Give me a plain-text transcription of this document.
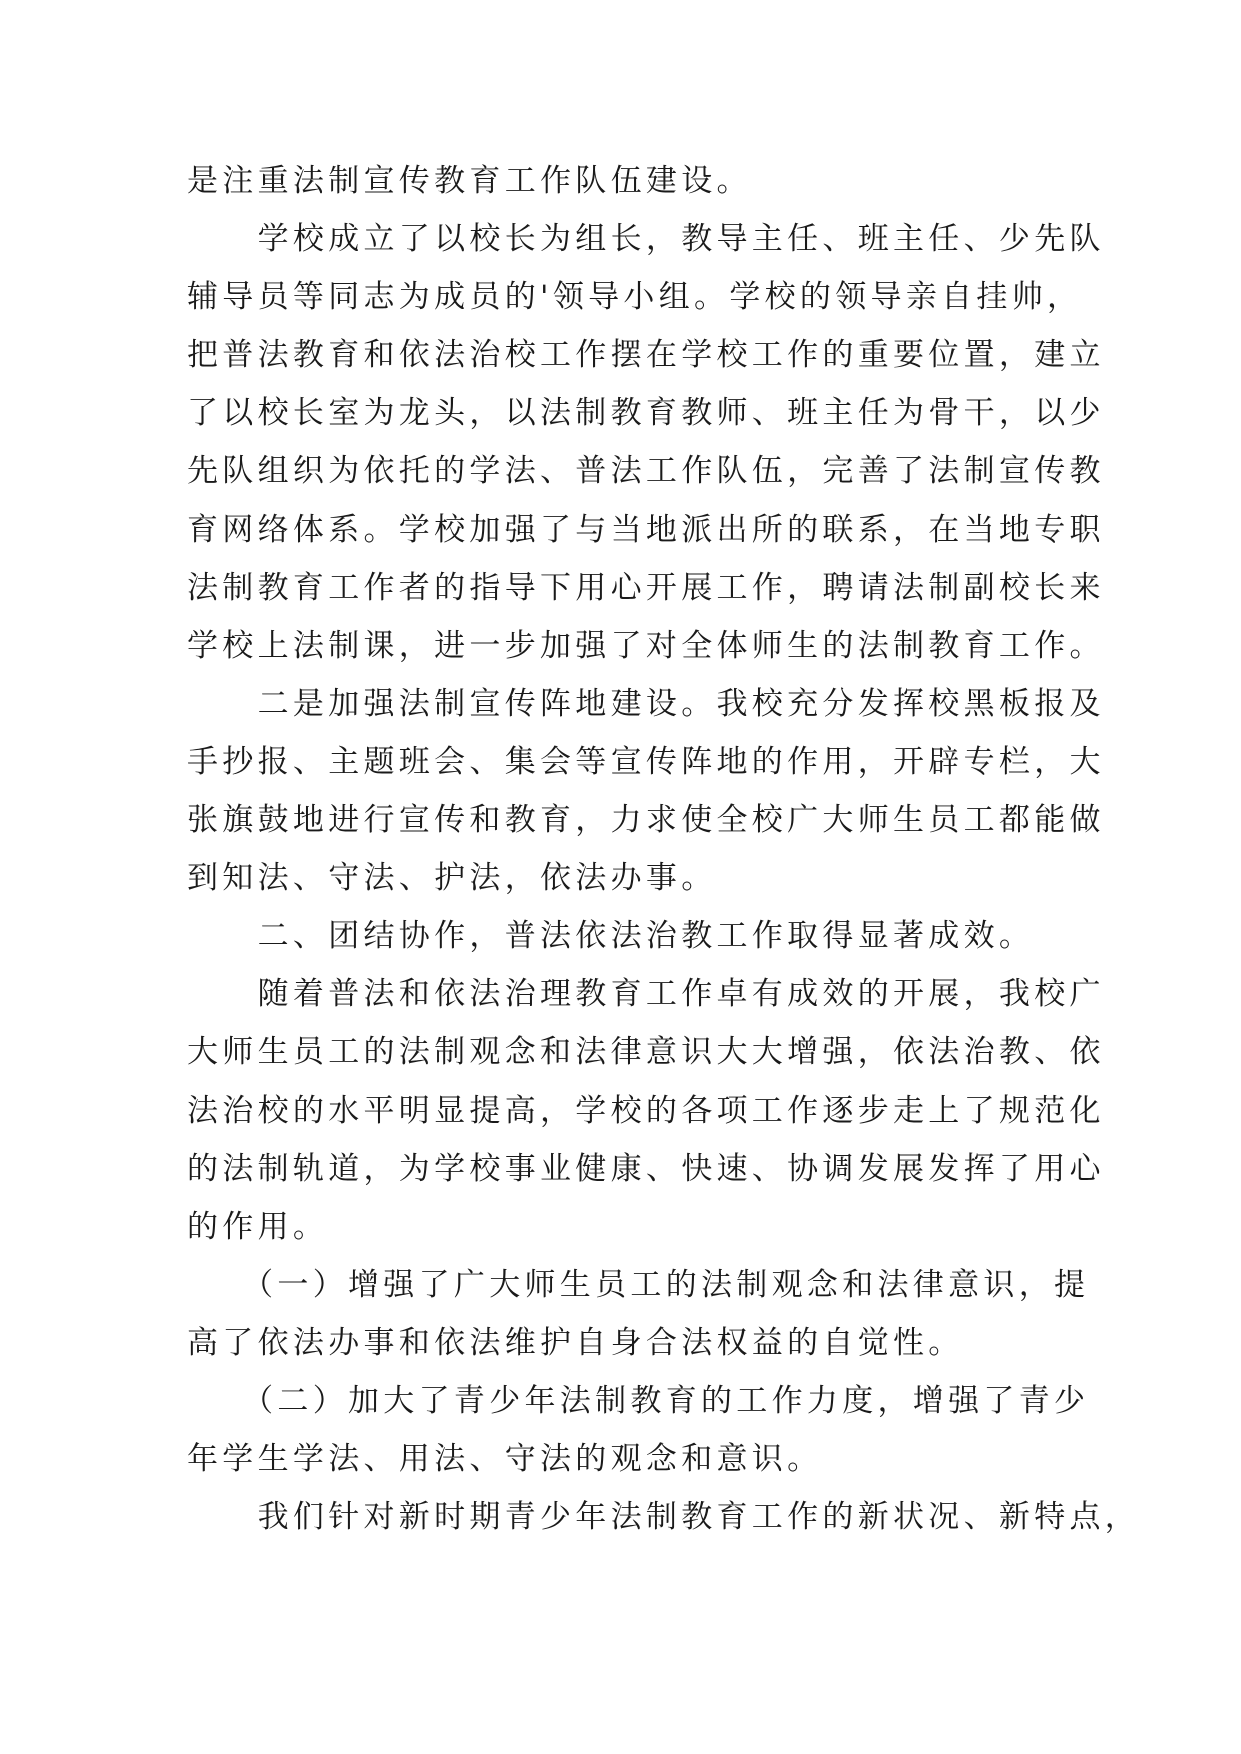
是注重法制宣传教育工作队伍建设。
　　学校成立了以校长为组长，教导主任、班主任、少先队
辅导员等同志为成员的'领导小组。学校的领导亲自挂帅，
把普法教育和依法治校工作摆在学校工作的重要位置，建立
了以校长室为龙头，以法制教育教师、班主任为骨干，以少
先队组织为依托的学法、普法工作队伍，完善了法制宣传教
育网络体系。学校加强了与当地派出所的联系，在当地专职
法制教育工作者的指导下用心开展工作，聘请法制副校长来
学校上法制课，进一步加强了对全体师生的法制教育工作。
　　二是加强法制宣传阵地建设。我校充分发挥校黑板报及
手抄报、主题班会、集会等宣传阵地的作用，开辟专栏，大
张旗鼓地进行宣传和教育，力求使全校广大师生员工都能做
到知法、守法、护法，依法办事。
　　二、团结协作，普法依法治教工作取得显著成效。
　　随着普法和依法治理教育工作卓有成效的开展，我校广
大师生员工的法制观念和法律意识大大增强，依法治教、依
法治校的水平明显提高，学校的各项工作逐步走上了规范化
的法制轨道，为学校事业健康、快速、协调发展发挥了用心
的作用。
　　（一）增强了广大师生员工的法制观念和法律意识，提
高了依法办事和依法维护自身合法权益的自觉性。
　　（二）加大了青少年法制教育的工作力度，增强了青少
年学生学法、用法、守法的观念和意识。
　　我们针对新时期青少年法制教育工作的新状况、新特点，
